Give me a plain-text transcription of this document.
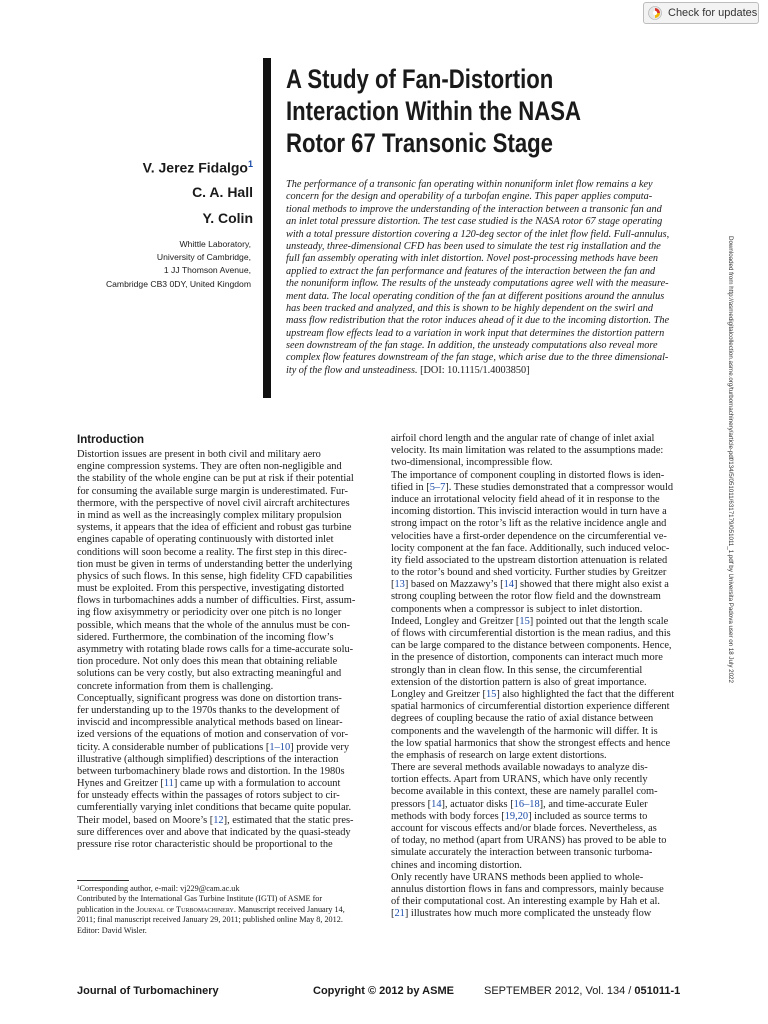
Check for updates
A Study of Fan-Distortion
Interaction Within the NASA
Rotor 67 Transonic Stage
V. Jerez Fidalgo$^1$
C. A. Hall
Y. Colin
Whittle Laboratory,
University of Cambridge,
1 JJ Thomson Avenue,
Cambridge CB3 0DY, United Kingdom
The performance of a transonic fan operating within nonuniform inlet flow remains a key
concern for the design and operability of a turbofan engine. This paper applies computa-
tional methods to improve the understanding of the interaction between a transonic fan and
an inlet total pressure distortion. The test case studied is the NASA rotor 67 stage operating
with a total pressure distortion covering a 120-deg sector of the inlet flow field. Full-annulus,
unsteady, three-dimensional CFD has been used to simulate the test rig installation and the
full fan assembly operating with inlet distortion. Novel post-processing methods have been
applied to extract the fan performance and features of the interaction between the fan and
the nonuniform inflow. The results of the unsteady computations agree well with the measure-
ment data. The local operating condition of the fan at different positions around the annulus
has been tracked and analyzed, and this is shown to be highly dependent on the swirl and
mass flow redistribution that the rotor induces ahead of it due to the incoming distortion. The
upstream flow effects lead to a variation in work input that determines the distortion pattern
seen downstream of the fan stage. In addition, the unsteady computations also reveal more
complex flow features downstream of the fan stage, which arise due to the three dimensional-
ity of the flow and unsteadiness. [DOI: 10.1115/1.4003850]	Downloaded from http://asmedigitalcollection.asme.org/turbomachinery/article-pdf/134/5/051011/6317179/051011_1.pdf by Universita Padova user on 18 July 2022
Introduction
Distortion issues are present in both civil and military aero
engine compression systems. They are often non-negligible and
the stability of the whole engine can be put at risk if their potential
for consuming the available surge margin is underestimated. Fur-
thermore, with the perspective of novel civil aircraft architectures
in mind as well as the increasingly complex military propulsion
systems, it appears that the idea of efficient and robust gas turbine
engines capable of operating continuously with distorted inlet
conditions will soon become a reality. The first step in this direc-
tion must be given in terms of understanding better the underlying
physics of such flows. In this sense, high fidelity CFD capabilities
must be exploited. From this perspective, investigating distorted
flows in turbomachines adds a number of difficulties. First, assum-
ing flow axisymmetry or periodicity over one pitch is no longer
possible, which means that the whole of the annulus must be con-
sidered. Furthermore, the combination of the incoming flow’s
asymmetry with rotating blade rows calls for a time-accurate solu-
tion procedure. Not only does this mean that obtaining reliable
solutions can be very costly, but also extracting meaningful and
concrete information from them is challenging.
Conceptually, significant progress was done on distortion trans-
fer understanding up to the 1970s thanks to the development of
inviscid and incompressible analytical methods based on linear-
ized versions of the equations of motion and conservation of vor-
ticity. A considerable number of publications [1–10] provide very
illustrative (although simplified) descriptions of the interaction
between turbomachinery blade rows and distortion. In the 1980s
Hynes and Greitzer [11] came up with a formulation to account
for unsteady effects within the passages of rotors subject to cir-
cumferentially varying inlet conditions that became quite popular.
Their model, based on Moore’s [12], estimated that the static pres-
sure differences over and above that indicated by the quasi-steady
pressure rise rotor characteristic should be proportional to the
airfoil chord length and the angular rate of change of inlet axial
velocity. Its main limitation was related to the assumptions made:
two-dimensional, incompressible flow.
The importance of component coupling in distorted flows is iden-
tified in [5–7]. These studies demonstrated that a compressor would
induce an irrotational velocity field ahead of it in response to the
incoming distortion. This inviscid interaction would in turn have a
strong impact on the rotor’s lift as the relative incidence angle and
velocities have a first-order dependence on the circumferential ve-
locity component at the fan face. Additionally, such induced veloc-
ity field associated to the upstream distortion attenuation is related
to the rotor’s bound and shed vorticity. Further studies by Greitzer
[13] based on Mazzawy’s [14] showed that there might also exist a
strong coupling between the rotor flow field and the downstream
components when a compressor is subject to inlet distortion.
Indeed, Longley and Greitzer [15] pointed out that the length scale
of flows with circumferential distortion is the mean radius, and this
can be large compared to the distance between components. Hence,
in the presence of distortion, components can interact much more
strongly than in clean flow. In this sense, the circumferential
extension of the distortion pattern is also of great importance.
Longley and Greitzer [15] also highlighted the fact that the different
spatial harmonics of circumferential distortion experience different
degrees of coupling because the ratio of axial distance between
components and the wavelength of the harmonic will differ. It is
the low spatial harmonics that show the strongest effects and hence
the emphasis of research on large extent distortions.
There are several methods available nowadays to analyze dis-
tortion effects. Apart from URANS, which have only recently
become available in this context, these are namely parallel com-
pressors [14], actuator disks [16–18], and time-accurate Euler
methods with body forces [19,20] included as source terms to
account for viscous effects and/or blade forces. Nevertheless, as
of today, no method (apart from URANS) has proved to be able to
simulate accurately the interaction between transonic turboma-
chines and incoming distortion.
Only recently have URANS methods been applied to whole-
annulus distortion flows in fans and compressors, mainly because
of their computational cost. An interesting example by Hah et al.
[21] illustrates how much more complicated the unsteady flow
¹Corresponding author, e-mail: vj229@cam.ac.uk
Contributed by the International Gas Turbine Institute (IGTI) of ASME for
publication in the Journal of Turbomachinery. Manuscript received January 14,
2011; final manuscript received January 29, 2011; published online May 8, 2012.
Editor: David Wisler.
Journal of Turbomachinery	Copyright © 2012 by ASME	SEPTEMBER 2012, Vol. 134 / 051011-1
